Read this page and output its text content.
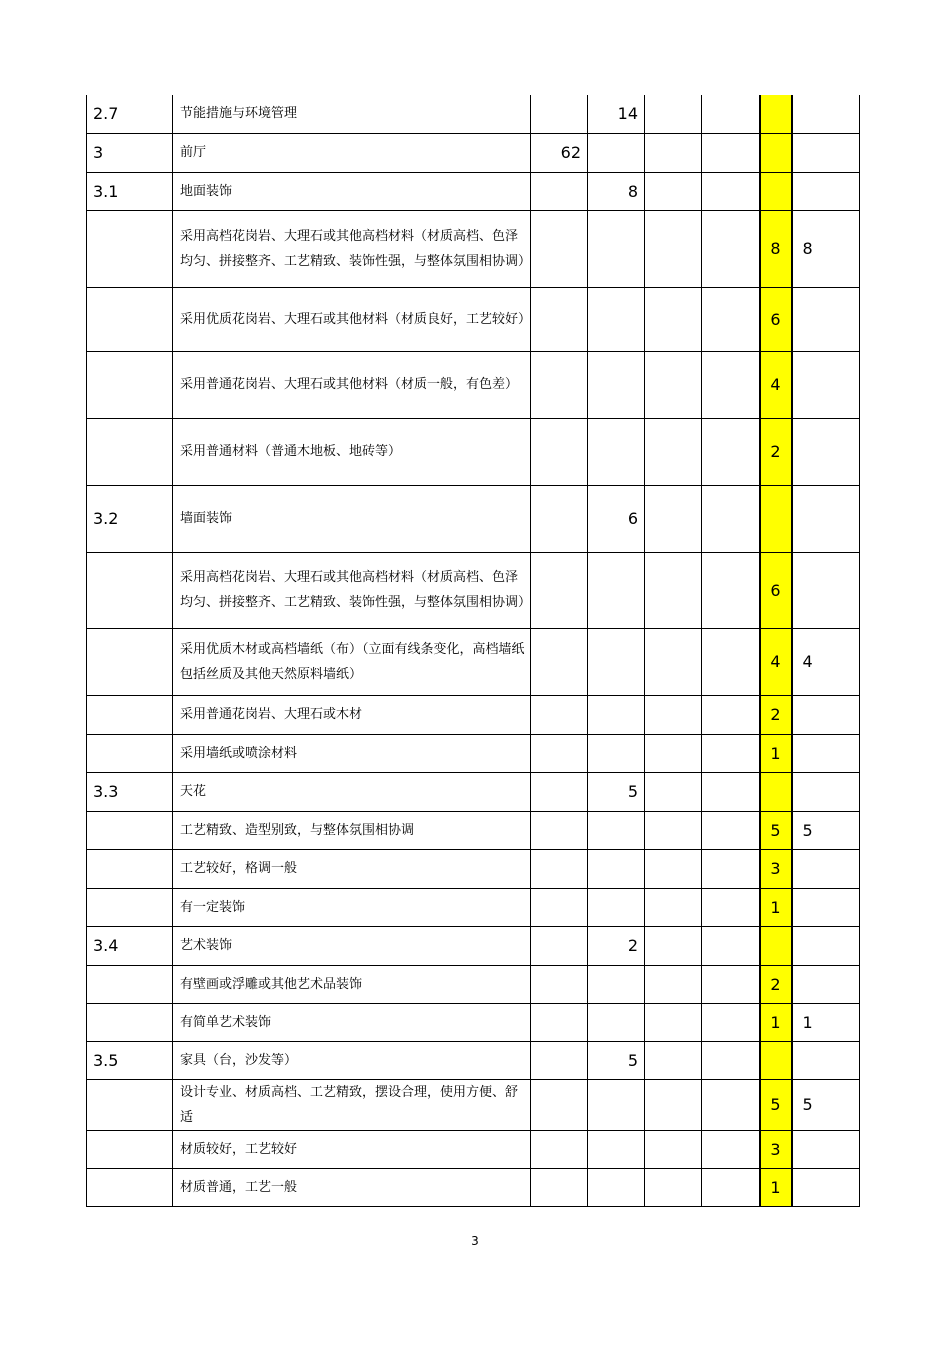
2.7	节能措施与环境管理		14				
3	前厅	62					
3.1	地面装饰		8				
	采用高档花岗岩、大理石或其他高档材料（材质高档、色泽均匀、拼接整齐、工艺精致、装饰性强，与整体氛围相协调）					8	8
	采用优质花岗岩、大理石或其他材料（材质良好，工艺较好）					6	
	采用普通花岗岩、大理石或其他材料（材质一般，有色差）					4	
	采用普通材料（普通木地板、地砖等）					2	
3.2	墙面装饰		6				
	采用高档花岗岩、大理石或其他高档材料（材质高档、色泽均匀、拼接整齐、工艺精致、装饰性强，与整体氛围相协调）					6	
	采用优质木材或高档墙纸（布）（立面有线条变化，高档墙纸包括丝质及其他天然原料墙纸）					4	4
	采用普通花岗岩、大理石或木材					2	
	采用墙纸或喷涂材料					1	
3.3	天花		5				
	工艺精致、造型别致，与整体氛围相协调					5	5
	工艺较好，格调一般					3	
	有一定装饰					1	
3.4	艺术装饰		2				
	有壁画或浮雕或其他艺术品装饰					2	
	有简单艺术装饰					1	1
3.5	家具（台，沙发等）		5				
	设计专业、材质高档、工艺精致，摆设合理，使用方便、舒适					5	5
	材质较好，工艺较好					3	
	材质普通，工艺一般					1	
3
